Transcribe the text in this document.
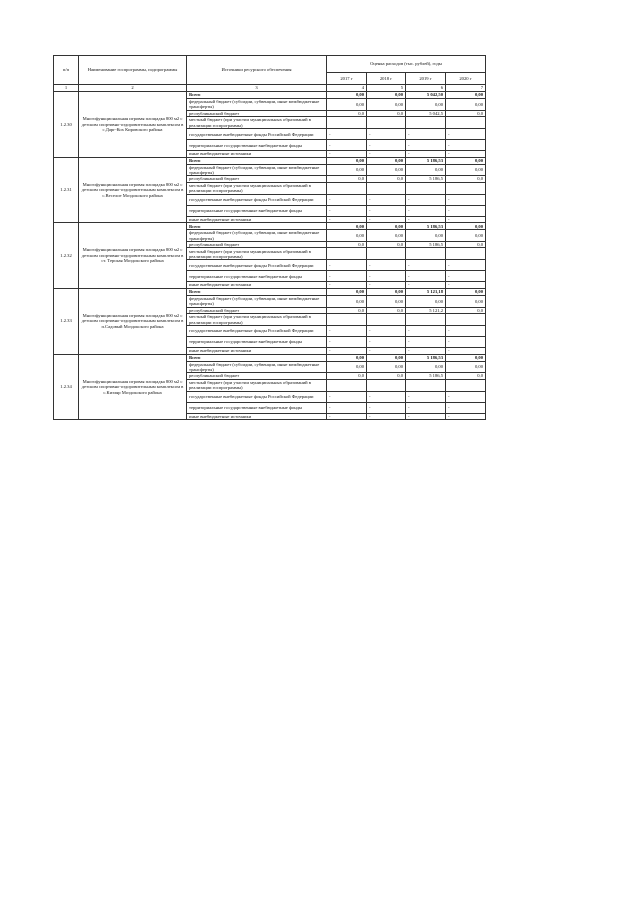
п/п	Наименование госпрограммы, подпрограммы	Источники ресурсного обеспечения	Оценка расходов (тыс. рублей), годы			
			2017 г	2018 г	2019 г	2020 г
1	2	3	4	5	6	7
1.2.30	Многофункциональная игровая площадка 800 м2 с детским спортивно-оздоровительным комплексом в с.Дарг-Кох Кировского района	Всего	0,00	0,00	5 042,50	0,00
		федеральный бюджет (субсидии, субвенции, иные межбюджетные трансферты)	0,00	0,00	0,00	0,00
		республиканский бюджет	0,0	0,0	5 042,5	0,0
		местный бюджет (при участии муниципальных образований в реализации госпрограммы)				
		государственные внебюджетные фонды Российской Федерации	-	-	-	-
		территориальные государственные внебюджетные фонды	-	-	-	-
		иные внебюджетные источники	-	-	-	-
1.2.31	Многофункциональная игровая площадка 800 м2 с детским спортивно-оздоровительным комплексом в с.Веселое Моздокского района	Всего	0,00	0,00	5 186,53	0,00
		федеральный бюджет (субсидии, субвенции, иные межбюджетные трансферты)	0,00	0,00	0,00	0,00
		республиканский бюджет	0,0	0,0	5 186,5	0,0
		местный бюджет (при участии муниципальных образований в реализации госпрограммы)				
		государственные внебюджетные фонды Российской Федерации	-	-	-	-
		территориальные государственные внебюджетные фонды	-	-	-	-
		иные внебюджетные источники	-	-	-	-
1.2.32	Многофункциональная игровая площадка 800 м2 с детским спортивно-оздоровительным комплексом в ст. Терская Моздокского района	Всего	0,00	0,00	5 186,53	0,00
		федеральный бюджет (субсидии, субвенции, иные межбюджетные трансферты)	0,00	0,00	0,00	0,00
		республиканский бюджет	0,0	0,0	5 186,5	0,0
		местный бюджет (при участии муниципальных образований в реализации госпрограммы)				
		государственные внебюджетные фонды Российской Федерации	-	-	-	-
		территориальные государственные внебюджетные фонды	-	-	-	-
		иные внебюджетные источники	-	-	-	-
1.2.33	Многофункциональная игровая площадка 800 м2 с детским спортивно-оздоровительным комплексом в п.Садовый Моздокского района	Всего	0,00	0,00	5 121,18	0,00
		федеральный бюджет (субсидии, субвенции, иные межбюджетные трансферты)	0,00	0,00	0,00	0,00
		республиканский бюджет	0,0	0,0	5 121,2	0,0
		местный бюджет (при участии муниципальных образований в реализации госпрограммы)				
		государственные внебюджетные фонды Российской Федерации	-	-	-	-
		территориальные государственные внебюджетные фонды	-	-	-	-
		иные внебюджетные источники	-	-	-	-
1.2.34	Многофункциональная игровая площадка 800 м2 с детским спортивно-оздоровительным комплексом в с.Кизляр Моздокского района	Всего	0,00	0,00	5 186,53	0,00
		федеральный бюджет (субсидии, субвенции, иные межбюджетные трансферты)	0,00	0,00	0,00	0,00
		республиканский бюджет	0,0	0,0	5 186,5	0,0
		местный бюджет (при участии муниципальных образований в реализации госпрограммы)				
		государственные внебюджетные фонды Российской Федерации	-	-	-	-
		территориальные государственные внебюджетные фонды	-	-	-	-
		иные внебюджетные источники	-	-	-	-
